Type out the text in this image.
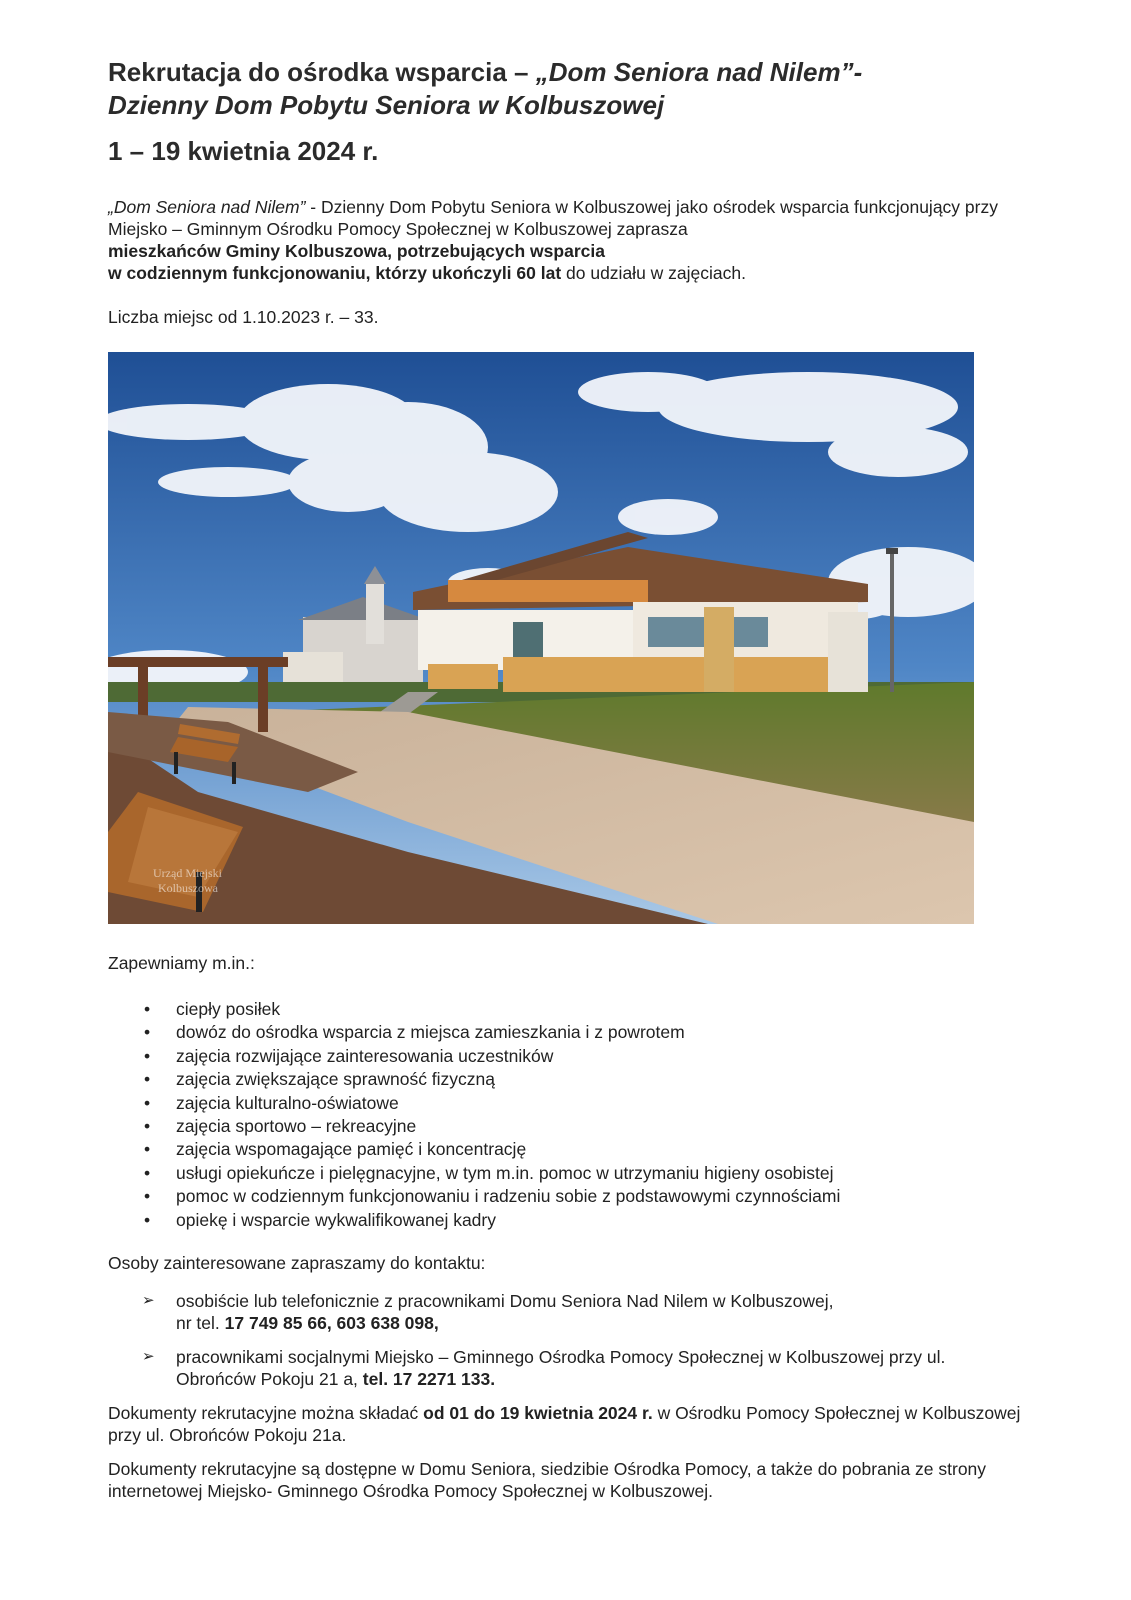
Rekrutacja do ośrodka wsparcia – „Dom Seniora nad Nilem”-
Dzienny Dom Pobytu Seniora w Kolbuszowej
1 – 19 kwietnia 2024 r.

„Dom Seniora nad Nilem” - Dzienny Dom Pobytu Seniora w Kolbuszowej jako ośrodek wsparcia funkcjonujący przy Miejsko – Gminnym Ośrodku Pomocy Społecznej w Kolbuszowej zaprasza
mieszkańców Gminy Kolbuszowa, potrzebujących wsparcia
w codziennym funkcjonowaniu, którzy ukończyli 60 lat do udziału w zajęciach.

Liczba miejsc od 1.10.2023 r. – 33.

Urząd Miejski
Kolbuszowa

Zapewniamy m.in.:

• ciepły posiłek
• dowóz do ośrodka wsparcia z miejsca zamieszkania i z powrotem
• zajęcia rozwijające zainteresowania uczestników
• zajęcia zwiększające sprawność fizyczną
• zajęcia kulturalno-oświatowe
• zajęcia sportowo – rekreacyjne
• zajęcia wspomagające pamięć i koncentrację
• usługi opiekuńcze i pielęgnacyjne, w tym m.in. pomoc w utrzymaniu higieny osobistej
• pomoc w codziennym funkcjonowaniu i radzeniu sobie z podstawowymi czynnościami
• opiekę i wsparcie wykwalifikowanej kadry

Osoby zainteresowane zapraszamy do kontaktu:

➢ osobiście lub telefonicznie z pracownikami Domu Seniora Nad Nilem w Kolbuszowej,
nr tel. 17 749 85 66, 603 638 098,
➢ pracownikami socjalnymi Miejsko – Gminnego Ośrodka Pomocy Społecznej w Kolbuszowej przy ul. Obrońców Pokoju 21 a, tel. 17 2271 133.

Dokumenty rekrutacyjne można składać od 01 do 19 kwietnia 2024 r. w Ośrodku Pomocy Społecznej w Kolbuszowej przy ul. Obrońców Pokoju 21a.

Dokumenty rekrutacyjne są dostępne w Domu Seniora, siedzibie Ośrodka Pomocy, a także do pobrania ze strony internetowej Miejsko- Gminnego Ośrodka Pomocy Społecznej w Kolbuszowej.
